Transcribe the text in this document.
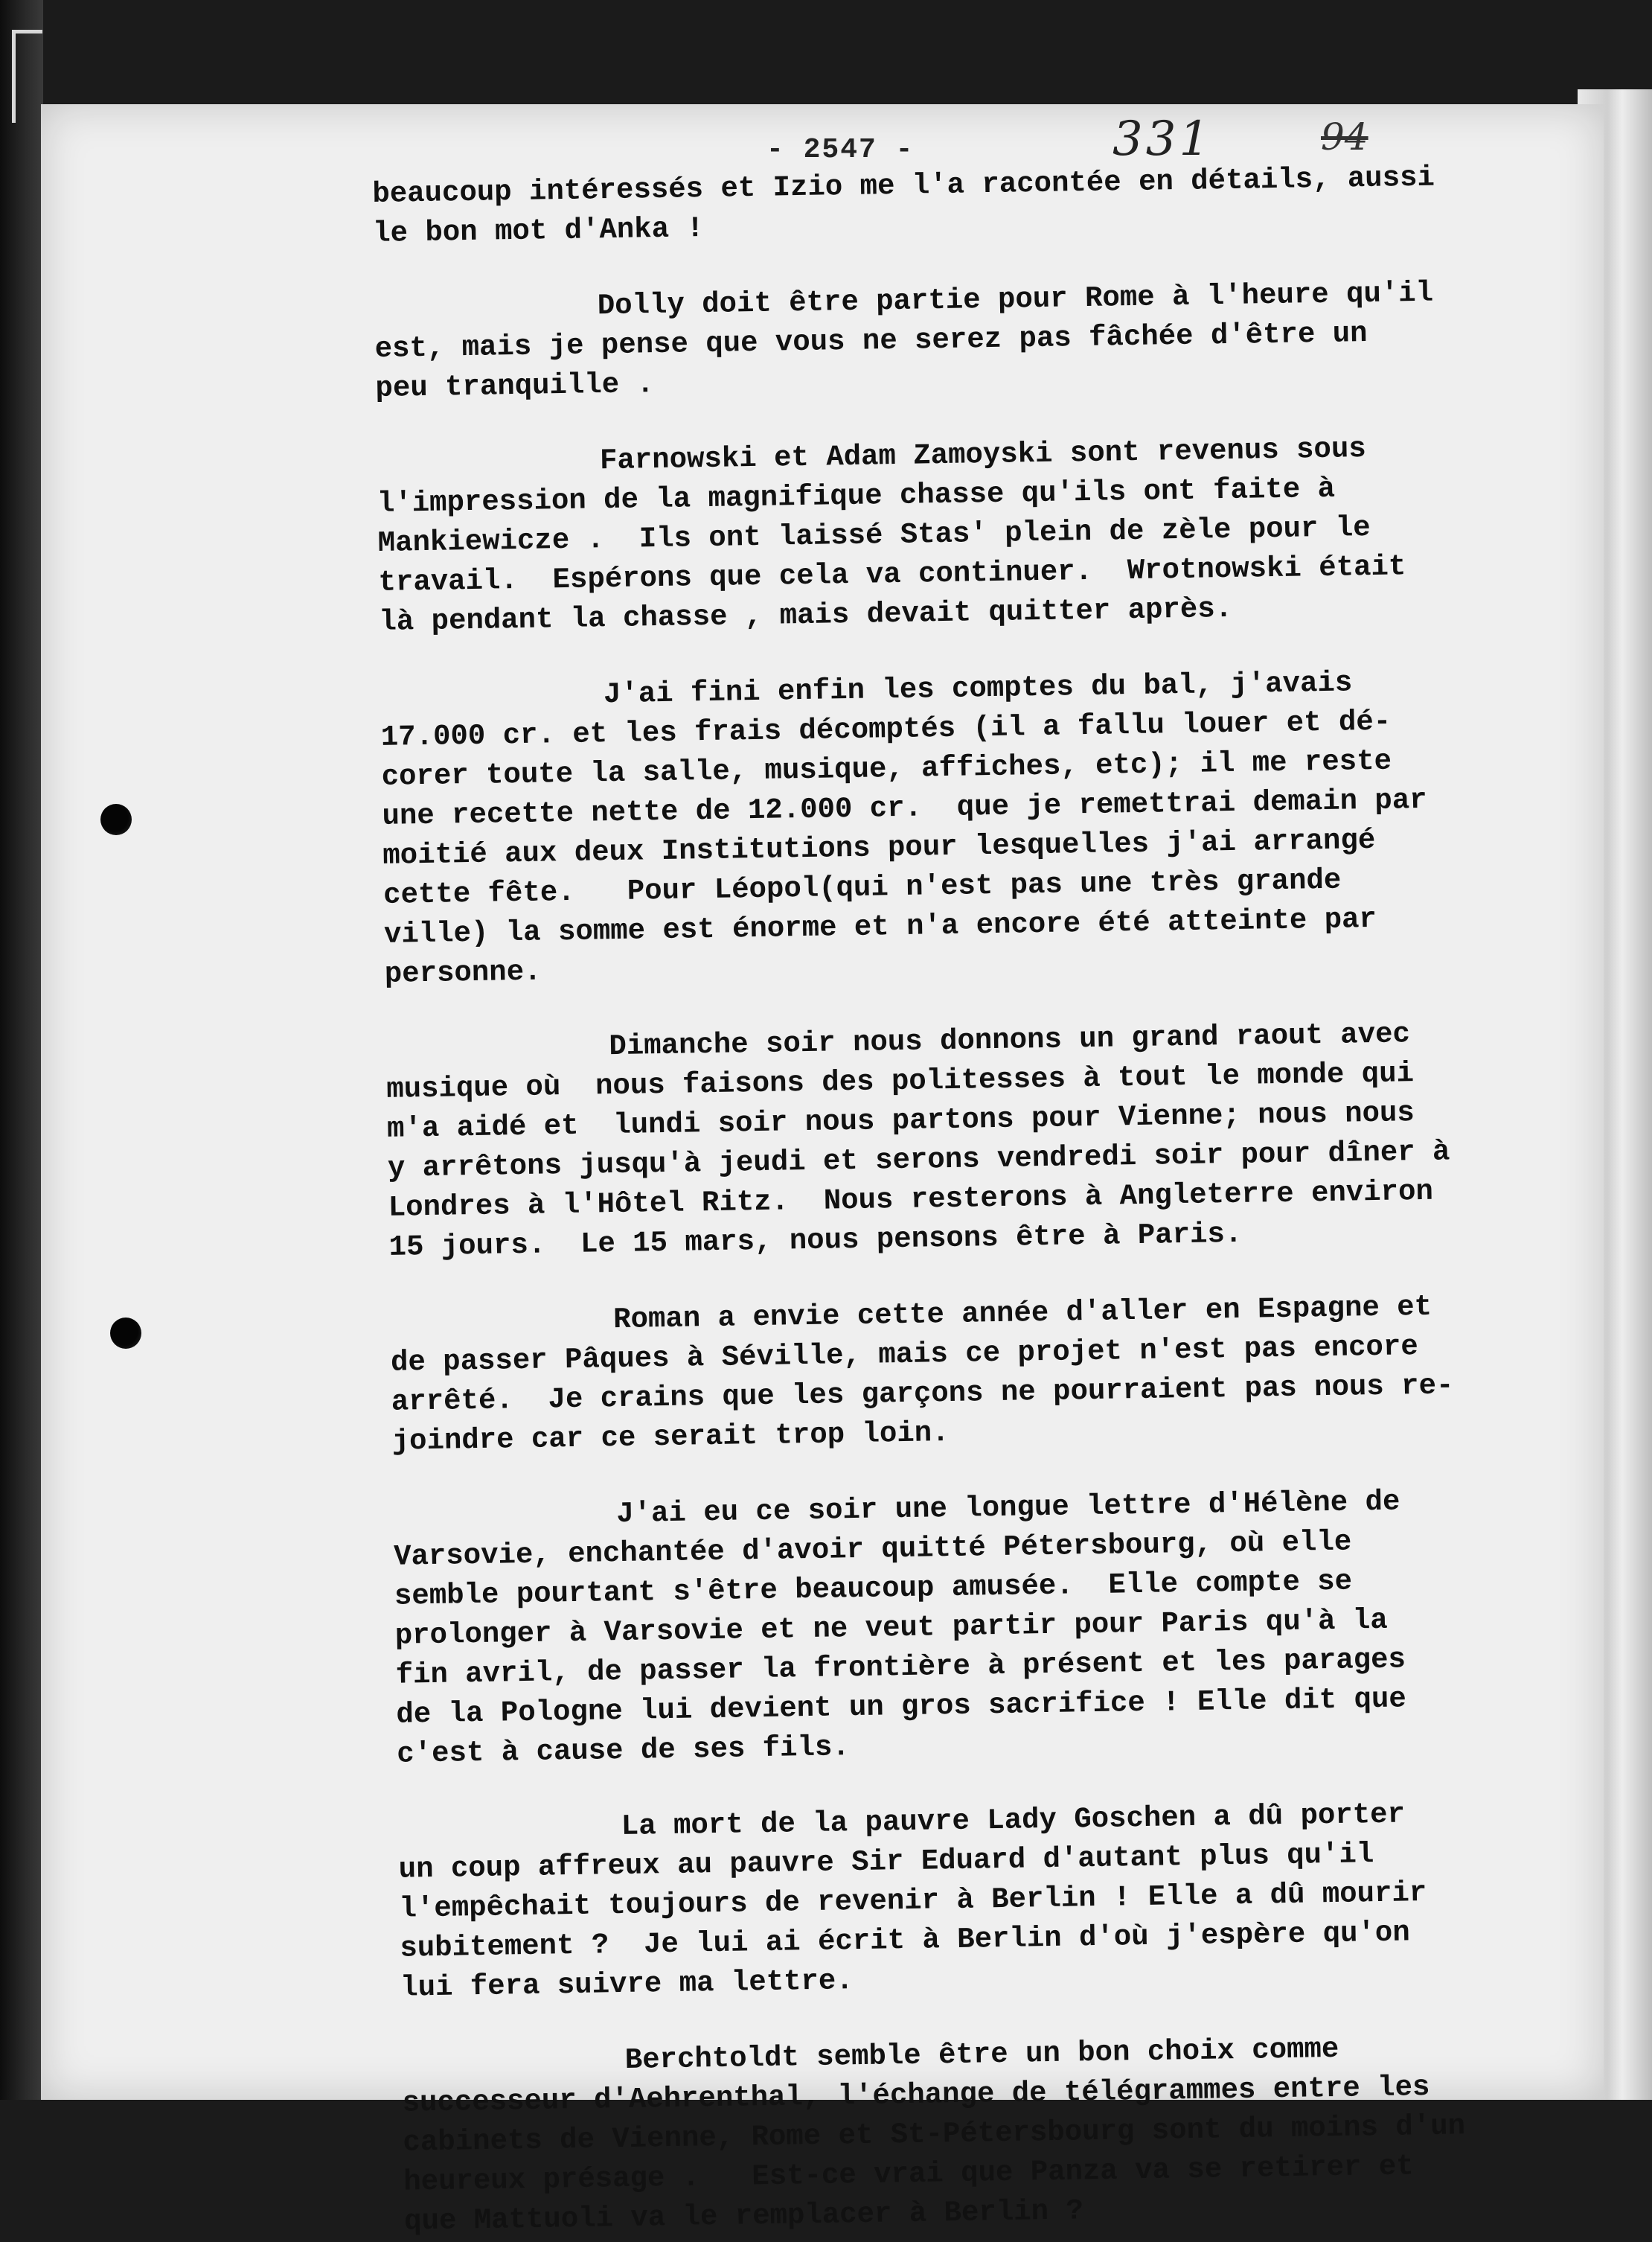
- 2547 -	331	94

beaucoup intéressés et Izio me l'a racontée en détails, aussi
le bon mot d'Anka !

Dolly doit être partie pour Rome à l'heure qu'il
est, mais je pense que vous ne serez pas fâchée d'être un
peu tranquille .

Farnowski et Adam Zamoyski sont revenus sous
l'impression de la magnifique chasse qu'ils ont faite à
Mankiewicze .  Ils ont laissé Stas' plein de zèle pour le
travail.  Espérons que cela va continuer.  Wrotnowski était
là pendant la chasse , mais devait quitter après.

J'ai fini enfin les comptes du bal, j'avais
17.000 cr. et les frais décomptés (il a fallu louer et dé-
corer toute la salle, musique, affiches, etc); il me reste
une recette nette de 12.000 cr.  que je remettrai demain par
moitié aux deux Institutions pour lesquelles j'ai arrangé
cette fête.   Pour Léopol(qui n'est pas une très grande
ville) la somme est énorme et n'a encore été atteinte par
personne.

Dimanche soir nous donnons un grand raout avec
musique où  nous faisons des politesses à tout le monde qui
m'a aidé et  lundi soir nous partons pour Vienne; nous nous
y arrêtons jusqu'à jeudi et serons vendredi soir pour dîner à
Londres à l'Hôtel Ritz.  Nous resterons à Angleterre environ
15 jours.  Le 15 mars, nous pensons être à Paris.

Roman a envie cette année d'aller en Espagne et
de passer Pâques à Séville, mais ce projet n'est pas encore
arrêté.  Je crains que les garçons ne pourraient pas nous re-
joindre car ce serait trop loin.

J'ai eu ce soir une longue lettre d'Hélène de
Varsovie, enchantée d'avoir quitté Pétersbourg, où elle
semble pourtant s'être beaucoup amusée.  Elle compte se
prolonger à Varsovie et ne veut partir pour Paris qu'à la
fin avril, de passer la frontière à présent et les parages
de la Pologne lui devient un gros sacrifice ! Elle dit que
c'est à cause de ses fils.

La mort de la pauvre Lady Goschen a dû porter
un coup affreux au pauvre Sir Eduard d'autant plus qu'il
l'empêchait toujours de revenir à Berlin ! Elle a dû mourir
subitement ?  Je lui ai écrit à Berlin d'où j'espère qu'on
lui fera suivre ma lettre.

Berchtoldt semble être un bon choix comme
successeur d'Aehrenthal, l'échange de télégrammes entre les
cabinets de Vienne, Rome et St-Pétersbourg sont du moins d'un
heureux présage .   Est-ce vrai que Panza va se retirer et
que Mattuoli va le remplacer à Berlin ?
